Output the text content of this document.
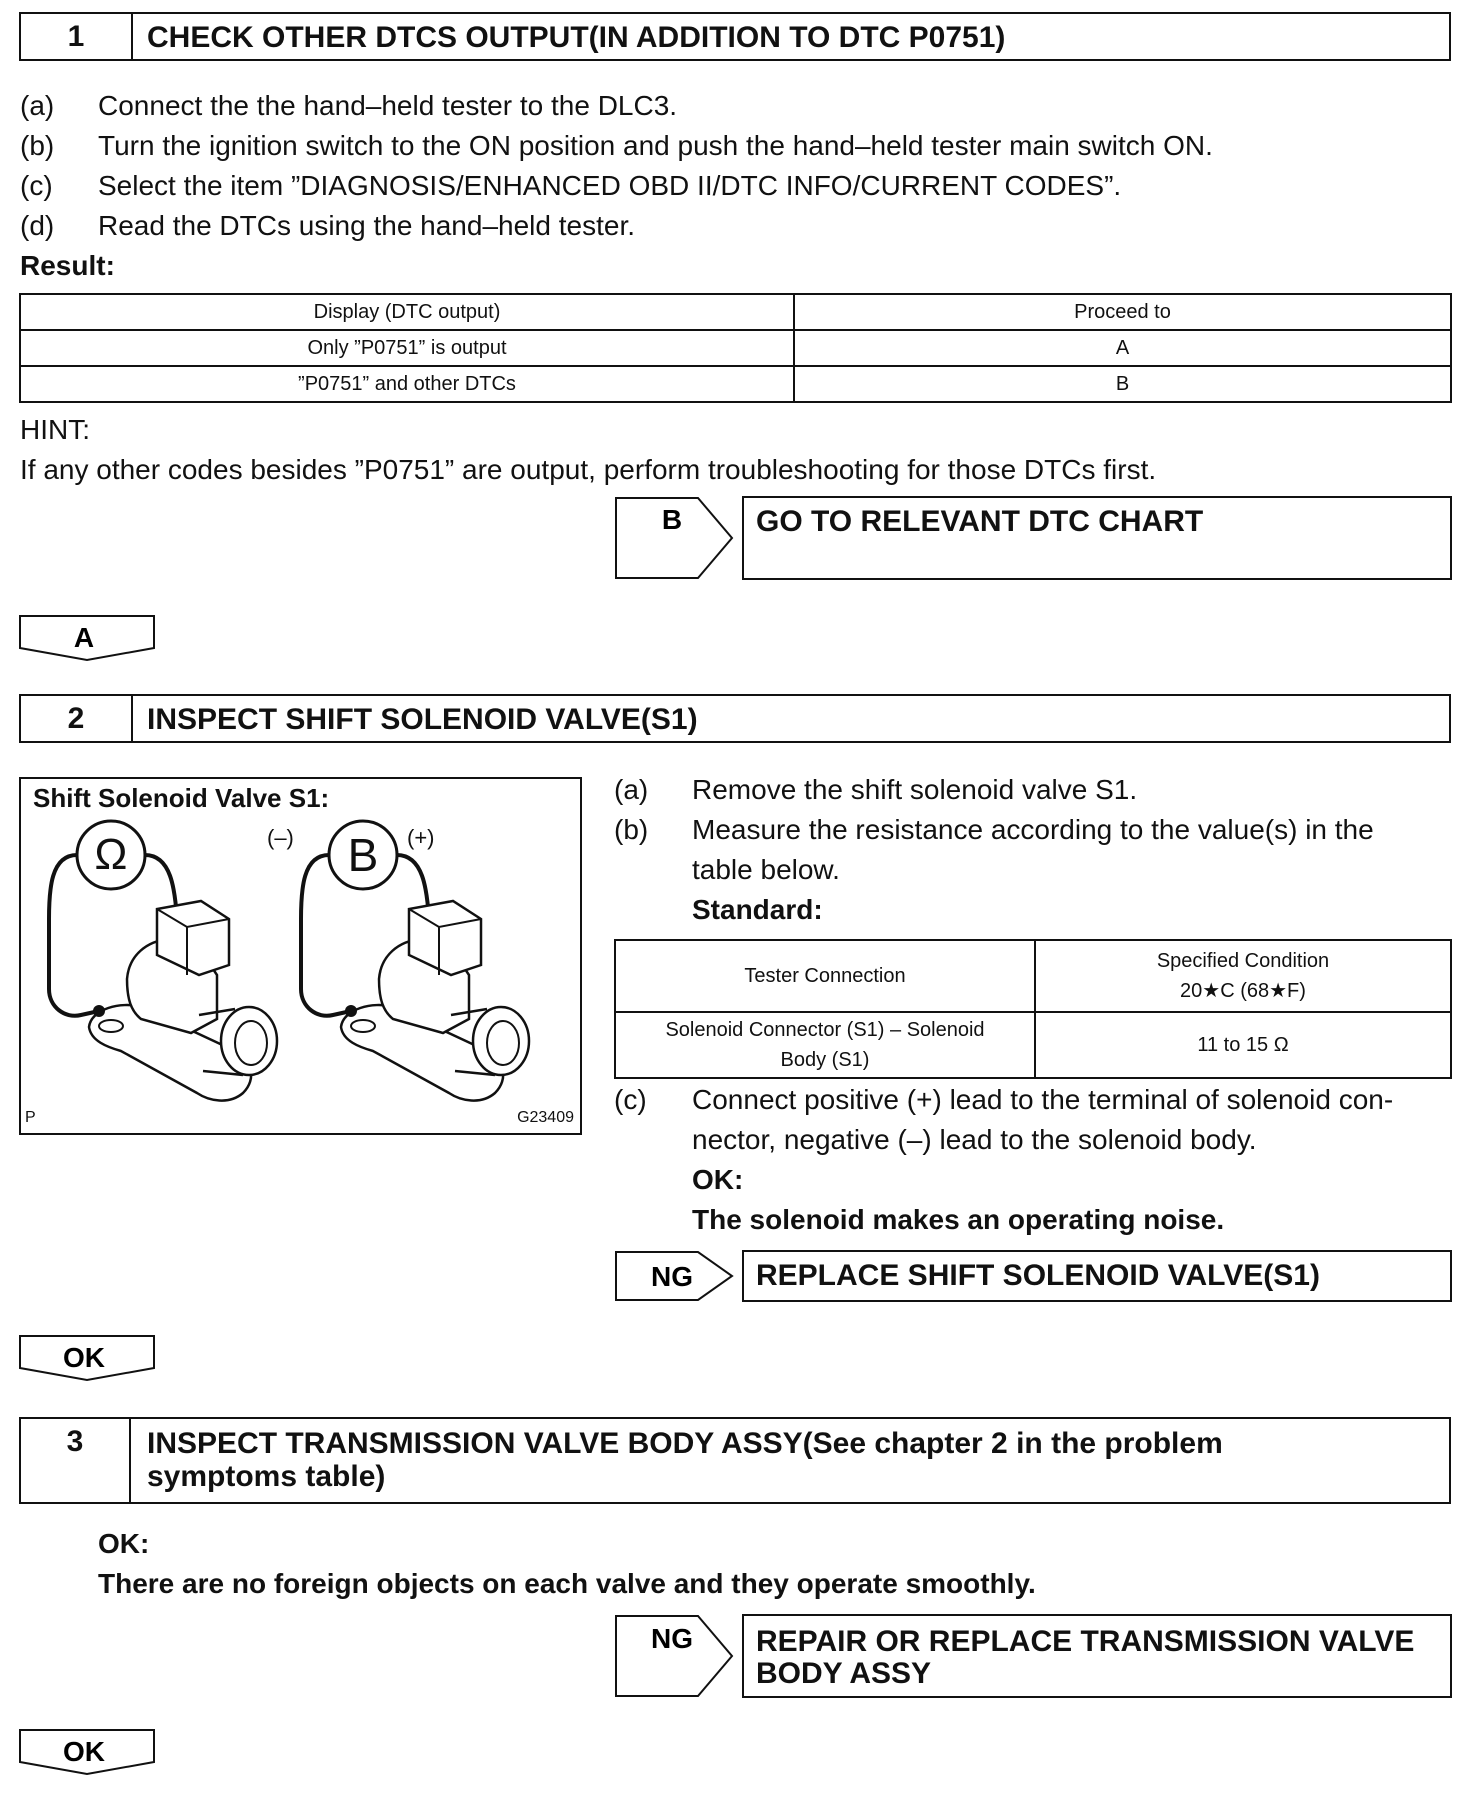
1	CHECK OTHER DTCS OUTPUT(IN ADDITION TO DTC P0751)
(a) Connect the the hand–held tester to the DLC3.
(b) Turn the ignition switch to the ON position and push the hand–held tester main switch ON.
(c) Select the item ”DIAGNOSIS/ENHANCED OBD II/DTC INFO/CURRENT CODES”.
(d) Read the DTCs using the hand–held tester.
Result:
Display (DTC output)	Proceed to
Only ”P0751” is output	A
”P0751” and other DTCs	B
HINT:
If any other codes besides ”P0751” are output, perform troubleshooting for those DTCs first.
B	GO TO RELEVANT DTC CHART
A
2	INSPECT SHIFT SOLENOID VALVE(S1)
Shift Solenoid Valve S1:
Ω	B
(–)	(+)
P	G23409
(a) Remove the shift solenoid valve S1.
(b) Measure the resistance according to the value(s) in the
table below.
Standard:
Tester Connection	Specified Condition
20★C (68★F)

Solenoid Connector (S1) – Solenoid
Body (S1)	11 to 15 Ω
(c) Connect positive (+) lead to the terminal of solenoid con-
nector, negative (–) lead to the solenoid body.
OK:
The solenoid makes an operating noise.
NG	REPLACE SHIFT SOLENOID VALVE(S1)
OK
3	INSPECT TRANSMISSION VALVE BODY ASSY(See chapter 2 in the problem
symptoms table)
OK:
There are no foreign objects on each valve and they operate smoothly.
NG REPAIR OR REPLACE TRANSMISSION VALVE
BODY ASSY
OK
